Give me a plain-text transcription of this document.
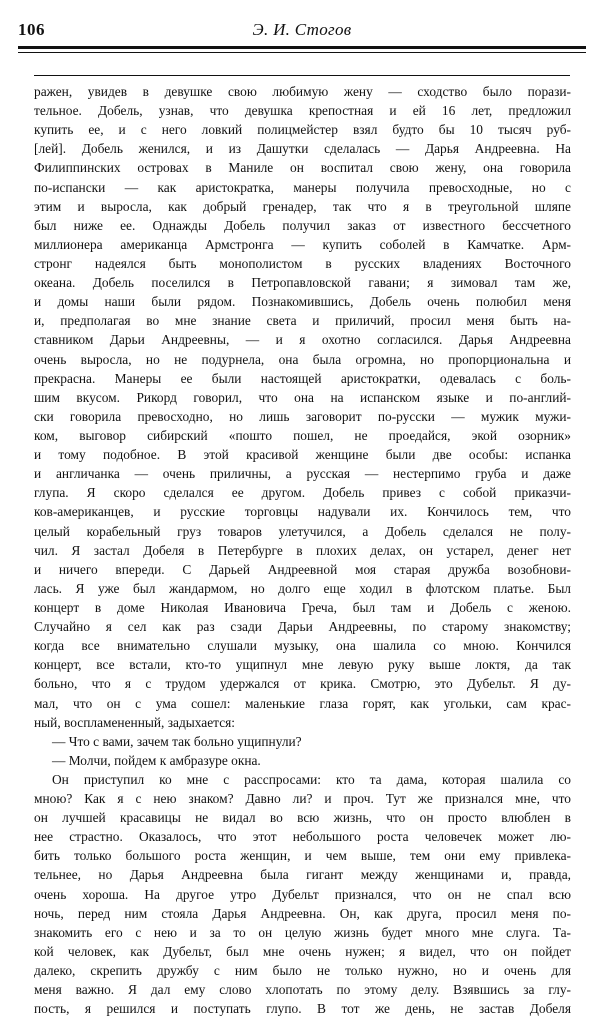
106	Э. И. Стогов
ражен, увидев в девушке свою любимую жену — сходство было порази-
тельное. Добель, узнав, что девушка крепостная и ей 16 лет, предложил
купить ее, и с него ловкий полицмейстер взял будто бы 10 тысяч руб-
[лей]. Добель женился, и из Дашутки сделалась — Дарья Андреевна. На
Филиппинских островах в Маниле он воспитал свою жену, она говорила
по-испански — как аристократка, манеры получила превосходные, но с
этим и выросла, как добрый гренадер, так что я в треугольной шляпе
был ниже ее. Однажды Добель получил заказ от известного бессчетного
миллионера американца Армстронга — купить соболей в Камчатке. Арм-
стронг надеялся быть монополистом в русских владениях Восточного
океана. Добель поселился в Петропавловской гавани; я зимовал там же,
и домы наши были рядом. Познакомившись, Добель очень полюбил меня
и, предполагая во мне знание света и приличий, просил меня быть на-
ставником Дарьи Андреевны, — и я охотно согласился. Дарья Андреевна
очень выросла, но не подурнела, она была огромна, но пропорциональна и
прекрасна. Манеры ее были настоящей аристократки, одевалась с боль-
шим вкусом. Рикорд говорил, что она на испанском языке и по-англий-
ски говорила превосходно, но лишь заговорит по-русски — мужик мужи-
ком, выговор сибирский «пошто пошел, не проедайся, экой озорник»
и тому подобное. В этой красивой женщине были две особы: испанка
и англичанка — очень приличны, а русская — нестерпимо груба и даже
глупа. Я скоро сделался ее другом. Добель привез с собой приказчи-
ков-американцев, и русские торговцы надували их. Кончилось тем, что
целый корабельный груз товаров улетучился, а Добель сделался не полу-
чил. Я застал Добеля в Петербурге в плохих делах, он устарел, денег нет
и ничего впереди. С Дарьей Андреевной моя старая дружба возобнови-
лась. Я уже был жандармом, но долго еще ходил в флотском платье. Был
концерт в доме Николая Ивановича Греча, был там и Добель с женою.
Случайно я сел как раз сзади Дарьи Андреевны, по старому знакомству;
когда все внимательно слушали музыку, она шалила со мною. Кончился
концерт, все встали, кто-то ущипнул мне левую руку выше локтя, да так
больно, что я с трудом удержался от крика. Смотрю, это Дубельт. Я ду-
мал, что он с ума сошел: маленькие глаза горят, как угольки, сам крас-
ный, воспламененный, задыхается:
— Что с вами, зачем так больно ущипнули?
— Молчи, пойдем к амбразуре окна.
Он приступил ко мне с расспросами: кто та дама, которая шалила со
мною? Как я с нею знаком? Давно ли? и проч. Тут же признался мне, что
он лучшей красавицы не видал во всю жизнь, что он просто влюблен в
нее страстно. Оказалось, что этот небольшого роста человечек может лю-
бить только большого роста женщин, и чем выше, тем они ему привлека-
тельнее, но Дарья Андреевна была гигант между женщинами и, правда,
очень хороша. На другое утро Дубельт признался, что он не спал всю
ночь, перед ним стояла Дарья Андреевна. Он, как друга, просил меня по-
знакомить его с нею и за то он целую жизнь будет много мне слуга. Та-
кой человек, как Дубельт, был мне очень нужен; я видел, что он пойдет
далеко, скрепить дружбу с ним было не только нужно, но и очень для
меня важно. Я дал ему слово хлопотать по этому делу. Взявшись за глу-
пость, я решился и поступать глупо. В тот же день, не застав Добеля
